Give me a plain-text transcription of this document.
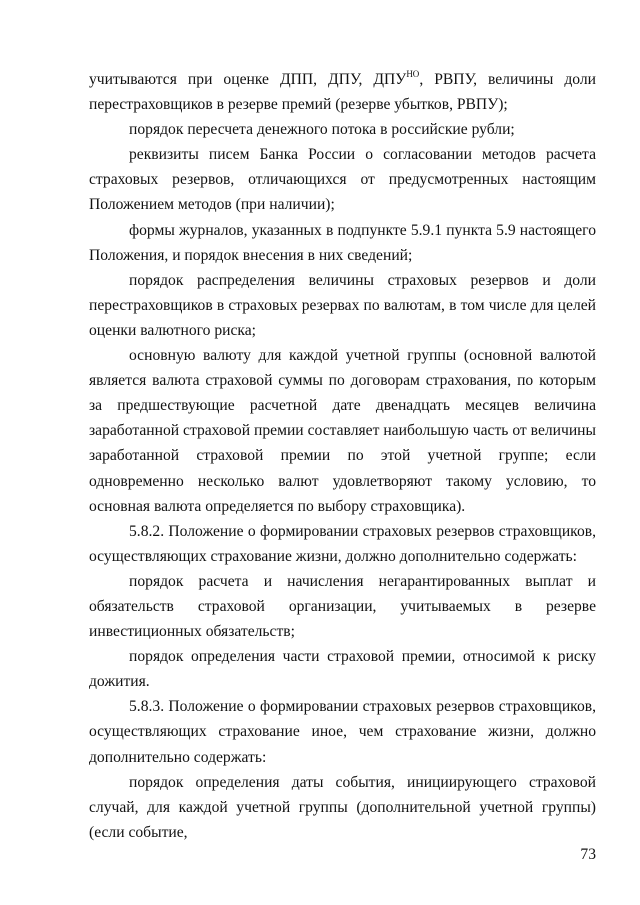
учитываются при оценке ДПП, ДПУ, $ДПУ^{НО}$, РВПУ, величины доли перестраховщиков в резерве премий (резерве убытков, РВПУ);

порядок пересчета денежного потока в российские рубли;

реквизиты писем Банка России о согласовании методов расчета страховых резервов, отличающихся от предусмотренных настоящим Положением методов (при наличии);

формы журналов, указанных в подпункте 5.9.1 пункта 5.9 настоящего Положения, и порядок внесения в них сведений;

порядок распределения величины страховых резервов и доли перестраховщиков в страховых резервах по валютам, в том числе для целей оценки валютного риска;

основную валюту для каждой учетной группы (основной валютой является валюта страховой суммы по договорам страхования, по которым за предшествующие расчетной дате двенадцать месяцев величина заработанной страховой премии составляет наибольшую часть от величины заработанной страховой премии по этой учетной группе; если одновременно несколько валют удовлетворяют такому условию, то основная валюта определяется по выбору страховщика).

5.8.2. Положение о формировании страховых резервов страховщиков, осуществляющих страхование жизни, должно дополнительно содержать:

порядок расчета и начисления негарантированных выплат и обязательств страховой организации, учитываемых в резерве инвестиционных обязательств;

порядок определения части страховой премии, относимой к риску дожития.

5.8.3. Положение о формировании страховых резервов страховщиков, осуществляющих страхование иное, чем страхование жизни, должно дополнительно содержать:

порядок определения даты события, инициирующего страховой случай, для каждой учетной группы (дополнительной учетной группы) (если событие,

73
